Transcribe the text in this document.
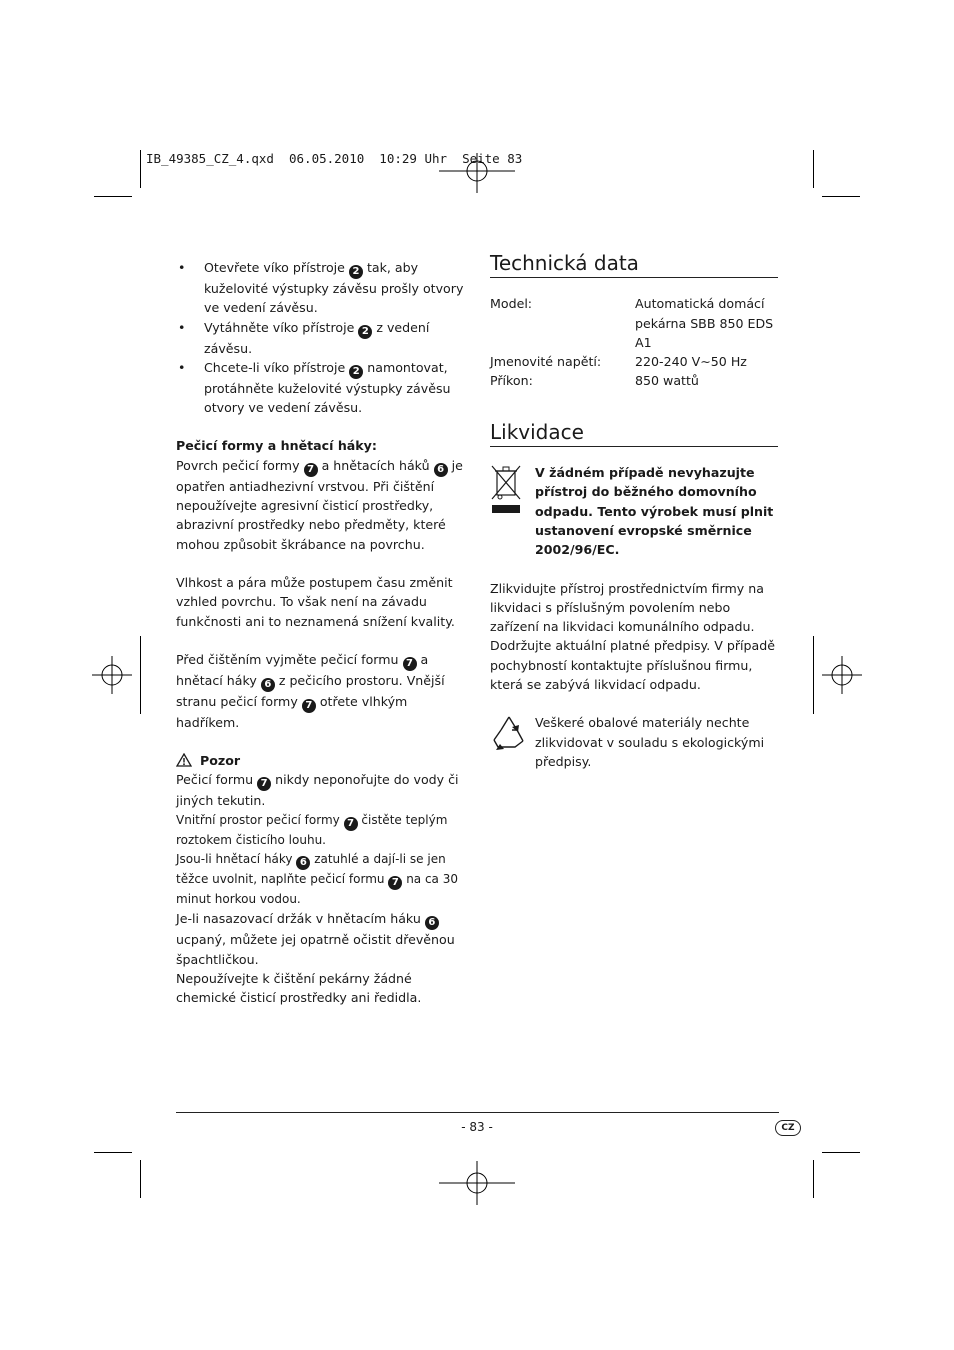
IB_49385_CZ_4.qxd  06.05.2010  10:29 Uhr  Seite 83
• Otevřete víko přístroje 2 tak, aby kuželovité výstupky závěsu prošly otvory ve vedení závěsu.
• Vytáhněte víko přístroje 2 z vedení závěsu.
• Chcete-li víko přístroje 2 namontovat, protáhněte kuželovité výstupky závěsu otvory ve vedení závěsu.

Pečicí formy a hnětací háky:

Povrch pečicí formy 7 a hnětacích háků 6 je opatřen antiadhezivní vrstvou. Při čištění nepoužívejte agresivní čisticí prostředky, abrazivní prostředky nebo předměty, které mohou způsobit škrábance na povrchu.

Vlhkost a pára může postupem času změnit vzhled povrchu. To však není na závadu funkčnosti ani to neznamená snížení kvality.

Před čištěním vyjměte pečicí formu 7 a hnětací háky 6 z pečicího prostoru. Vnější stranu pečicí formy 7 otřete vlhkým hadříkem.

Pozor

Pečicí formu 7 nikdy neponořujte do vody či jiných tekutin.

Vnitřní prostor pečicí formy 7 čistěte teplým roztokem čisticího louhu.

Jsou-li hnětací háky 6 zatuhlé a dají-li se jen těžce uvolnit, naplňte pečicí formu 7 na ca 30 minut horkou vodou.

Je-li nasazovací držák v hnětacím háku 6 ucpaný, můžete jej opatrně očistit dřevěnou špachtličkou.

Nepoužívejte k čištění pekárny žádné chemické čisticí prostředky ani ředidla.

Technická data
Model:	Automatická domácí pekárna SBB 850 EDS A1
Jmenovité napětí:	220-240 V∼50 Hz
Příkon:	850 wattů
Likvidace

V žádném případě nevyhazujte přístroj do běžného domovního odpadu. Tento výrobek musí plnit ustanovení evropské směrnice 2002/96/EC.

Zlikvidujte přístroj prostřednictvím firmy na likvidaci s příslušným povolením nebo zařízení na likvidaci komunálního odpadu.

Dodržujte aktuální platné předpisy. V případě pochybností kontaktujte příslušnou firmu, která se zabývá likvidací odpadu.

Veškeré obalové materiály nechte zlikvidovat v souladu s ekologickými předpisy.

- 83 -	CZ
